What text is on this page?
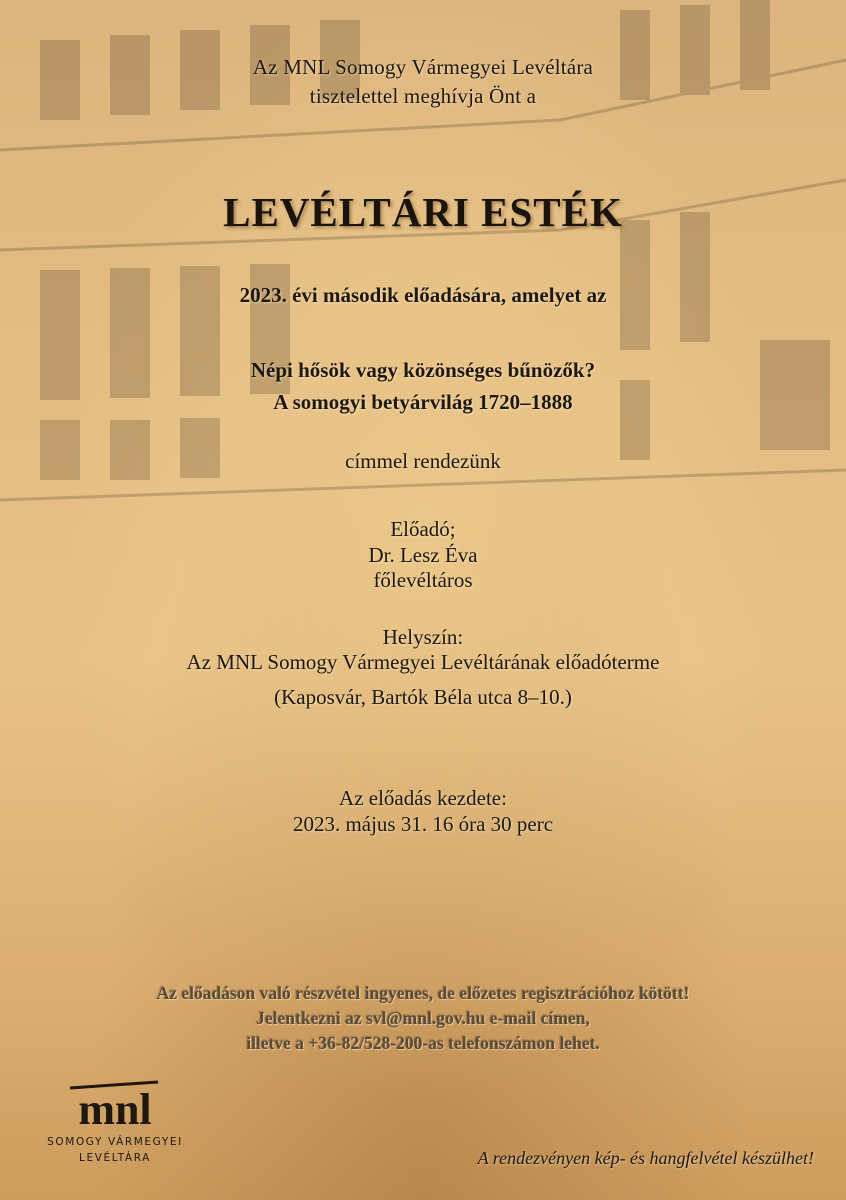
Az MNL Somogy Vármegyei Levéltára
tisztelettel meghívja Önt a
LEVÉLTÁRI ESTÉK
2023. évi második előadására, amelyet az
Népi hősök vagy közönséges bűnözők?
A somogyi betyárvilág 1720–1888
címmel rendezünk
Előadó;
Dr. Lesz Éva
főlevéltáros
Helyszín:
Az MNL Somogy Vármegyei Levéltárának előadóterme
(Kaposvár, Bartók Béla utca 8–10.)
Az előadás kezdete:
2023. május 31. 16 óra 30 perc
Az előadáson való részvétel ingyenes, de előzetes regisztrációhoz kötött!
Jelentkezni az svl@mnl.gov.hu e-mail címen,
illetve a +36-82/528-200-as telefonszámon lehet.
mnl
SOMOGY VÁRMEGYEI
LEVÉLTÁRA	A rendezvényen kép- és hangfelvétel készülhet!
